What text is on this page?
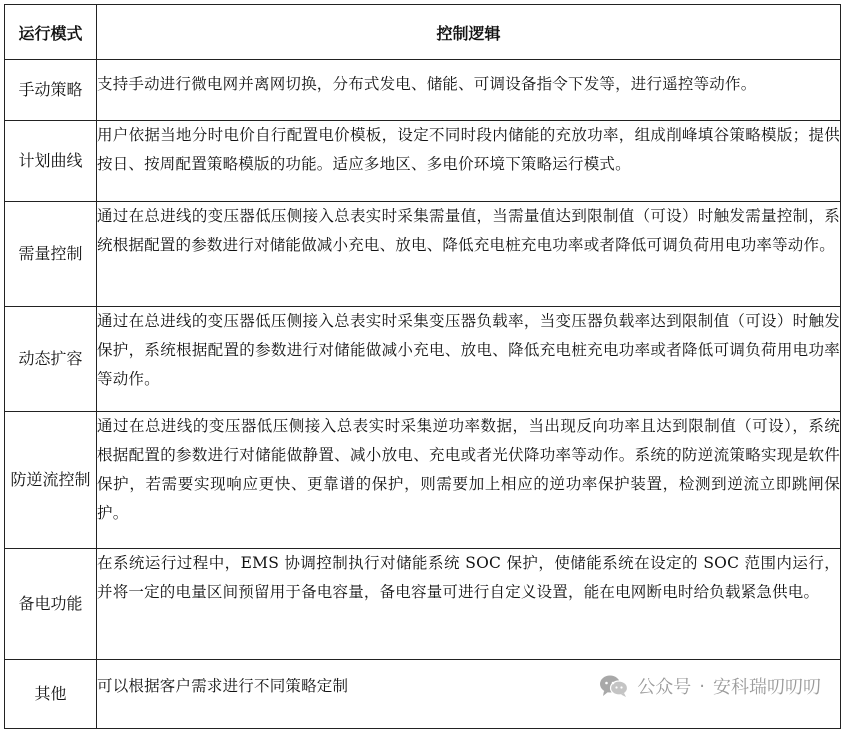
运行模式	控制逻辑
手动策略	支持手动进行微电网并离网切换，分布式发电、储能、可调设备指令下发等，进行遥控等动作。
计划曲线	用户依据当地分时电价自行配置电价模板，设定不同时段内储能的充放功率，组成削峰填谷策略模版；提供按日、按周配置策略模版的功能。适应多地区、多电价环境下策略运行模式。
需量控制	通过在总进线的变压器低压侧接入总表实时采集需量值，当需量值达到限制值（可设）时触发需量控制，系统根据配置的参数进行对储能做减小充电、放电、降低充电桩充电功率或者降低可调负荷用电功率等动作。
动态扩容	通过在总进线的变压器低压侧接入总表实时采集变压器负载率，当变压器负载率达到限制值（可设）时触发保护，系统根据配置的参数进行对储能做减小充电、放电、降低充电桩充电功率或者降低可调负荷用电功率等动作。
防逆流控制	通过在总进线的变压器低压侧接入总表实时采集逆功率数据，当出现反向功率且达到限制值（可设），系统根据配置的参数进行对储能做静置、减小放电、充电或者光伏降功率等动作。系统的防逆流策略实现是软件保护，若需要实现响应更快、更靠谱的保护，则需要加上相应的逆功率保护装置，检测到逆流立即跳闸保护。
备电功能	在系统运行过程中，EMS 协调控制执行对储能系统 SOC 保护，使储能系统在设定的 SOC 范围内运行，并将一定的电量区间预留用于备电容量，备电容量可进行自定义设置，能在电网断电时给负载紧急供电。
其他	可以根据客户需求进行不同策略定制	公众号 · 安科瑞叨叨叨
